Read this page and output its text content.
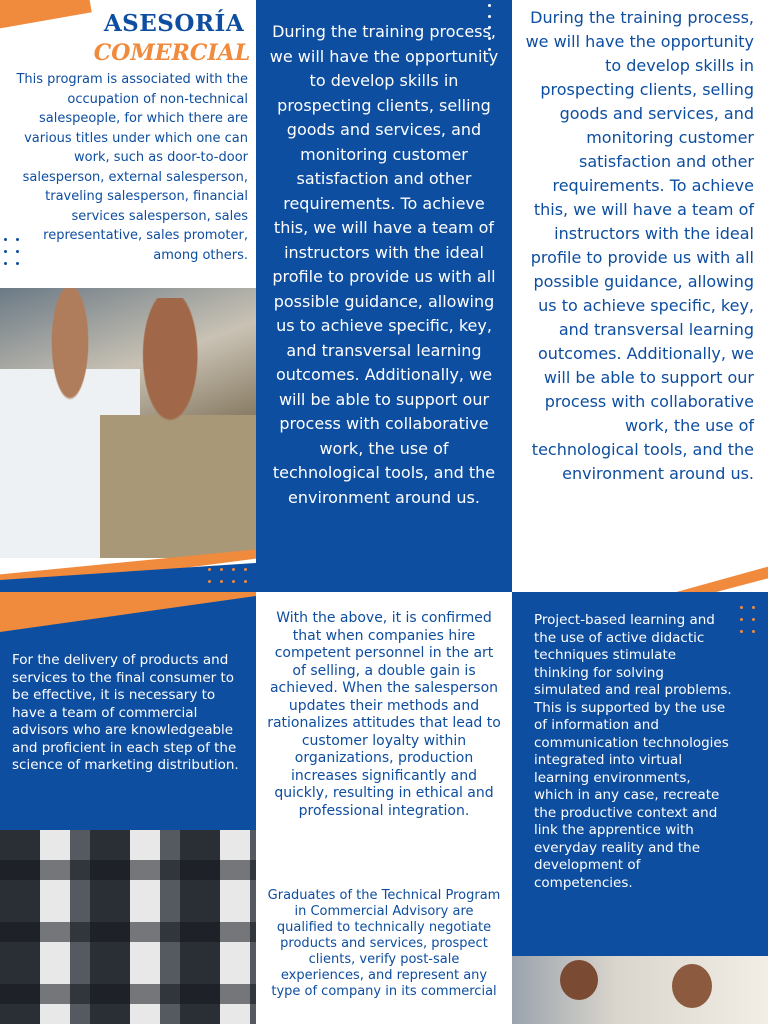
ASESORÍA
COMERCIAL
This program is associated with the occupation of non-technical salespeople, for which there are various titles under which one can work, such as door-to-door salesperson, external salesperson, traveling salesperson, financial services salesperson, sales representative, sales promoter, among others.
During the training process, we will have the opportunity to develop skills in prospecting clients, selling goods and services, and monitoring customer satisfaction and other requirements. To achieve this, we will have a team of instructors with the ideal profile to provide us with all possible guidance, allowing us to achieve specific, key, and transversal learning outcomes. Additionally, we will be able to support our process with collaborative work, the use of technological tools, and the environment around us.
During the training process, we will have the opportunity to develop skills in prospecting clients, selling goods and services, and monitoring customer satisfaction and other requirements. To achieve this, we will have a team of instructors with the ideal profile to provide us with all possible guidance, allowing us to achieve specific, key, and transversal learning outcomes. Additionally, we will be able to support our process with collaborative work, the use of technological tools, and the environment around us.
For the delivery of products and services to the final consumer to be effective, it is necessary to have a team of commercial advisors who are knowledgeable and proficient in each step of the science of marketing distribution.
With the above, it is confirmed that when companies hire competent personnel in the art of selling, a double gain is achieved. When the salesperson updates their methods and rationalizes attitudes that lead to customer loyalty within organizations, production increases significantly and quickly, resulting in ethical and professional integration.
Graduates of the Technical Program in Commercial Advisory are qualified to technically negotiate products and services, prospect clients, verify post-sale experiences, and represent any type of company in its commercial
Project-based learning and the use of active didactic techniques stimulate thinking for solving simulated and real problems. This is supported by the use of information and communication technologies integrated into virtual learning environments, which in any case, recreate the productive context and link the apprentice with everyday reality and the development of competencies.
